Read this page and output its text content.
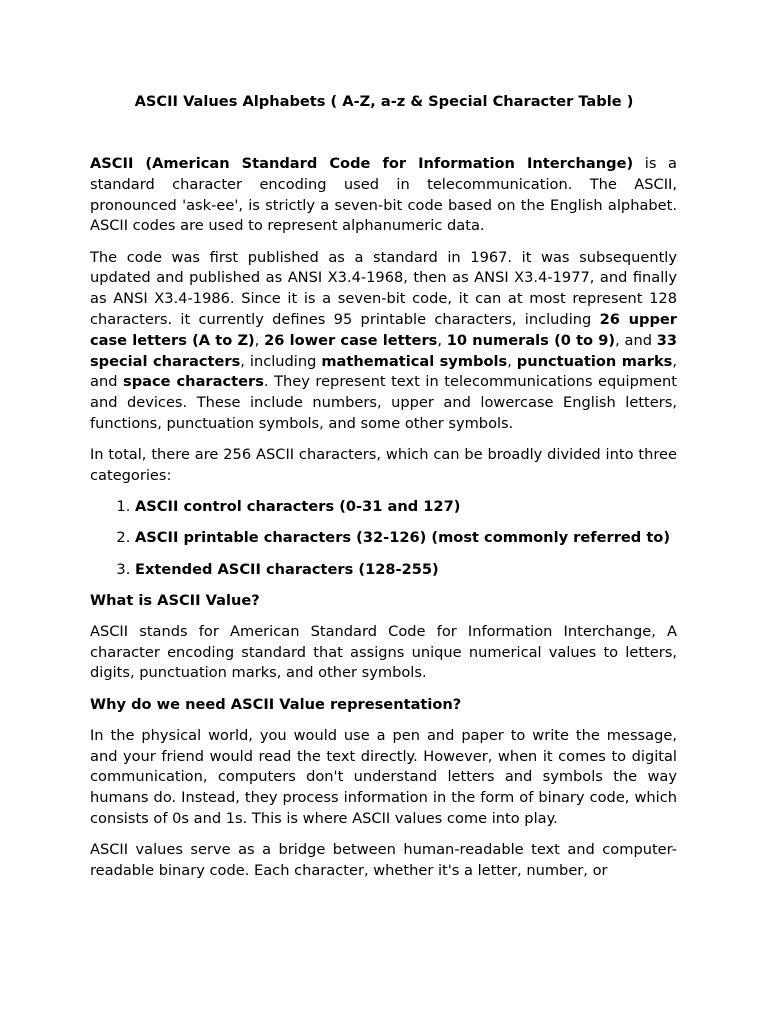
ASCII Values Alphabets ( A-Z, a-z & Special Character Table )

ASCII (American Standard Code for Information Interchange) is a standard character encoding used in telecommunication. The ASCII, pronounced 'ask-ee', is strictly a seven-bit code based on the English alphabet. ASCII codes are used to represent alphanumeric data.

The code was first published as a standard in 1967. it was subsequently updated and published as ANSI X3.4-1968, then as ANSI X3.4-1977, and finally as ANSI X3.4-1986. Since it is a seven-bit code, it can at most represent 128 characters. it currently defines 95 printable characters, including 26 upper case letters (A to Z), 26 lower case letters, 10 numerals (0 to 9), and 33 special characters, including mathematical symbols, punctuation marks, and space characters. They represent text in telecommunications equipment and devices. These include numbers, upper and lowercase English letters, functions, punctuation symbols, and some other symbols.

In total, there are 256 ASCII characters, which can be broadly divided into three categories:

1. ASCII control characters (0-31 and 127)
2. ASCII printable characters (32-126) (most commonly referred to)
3. Extended ASCII characters (128-255)
What is ASCII Value?

ASCII stands for American Standard Code for Information Interchange, A character encoding standard that assigns unique numerical values to letters, digits, punctuation marks, and other symbols.

Why do we need ASCII Value representation?

In the physical world, you would use a pen and paper to write the message, and your friend would read the text directly. However, when it comes to digital communication, computers don't understand letters and symbols the way humans do. Instead, they process information in the form of binary code, which consists of 0s and 1s. This is where ASCII values come into play.

ASCII values serve as a bridge between human-readable text and computer-readable binary code. Each character, whether it's a letter, number, or
